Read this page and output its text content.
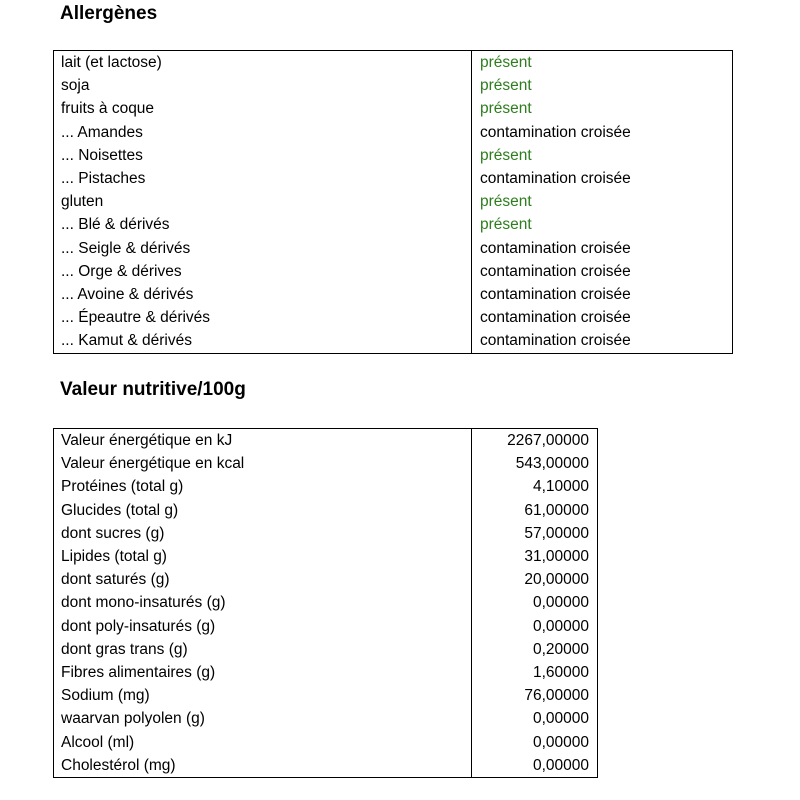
Allergènes
lait (et lactose)	présent
soja	présent
fruits à coque	présent
... Amandes	contamination croisée
... Noisettes	présent
... Pistaches	contamination croisée
gluten	présent
... Blé & dérivés	présent
... Seigle & dérivés	contamination croisée
... Orge & dérives	contamination croisée
... Avoine & dérivés	contamination croisée
... Épeautre & dérivés	contamination croisée
... Kamut & dérivés	contamination croisée
Valeur nutritive/100g
Valeur énergétique en kJ	2267,00000
Valeur énergétique en kcal	543,00000
Protéines (total g)	4,10000
Glucides (total g)	61,00000
dont sucres (g)	57,00000
Lipides (total g)	31,00000
dont saturés (g)	20,00000
dont mono-insaturés (g)	0,00000
dont poly-insaturés (g)	0,00000
dont gras trans (g)	0,20000
Fibres alimentaires (g)	1,60000
Sodium (mg)	76,00000
waarvan polyolen (g)	0,00000
Alcool (ml)	0,00000
Cholestérol (mg)	0,00000
